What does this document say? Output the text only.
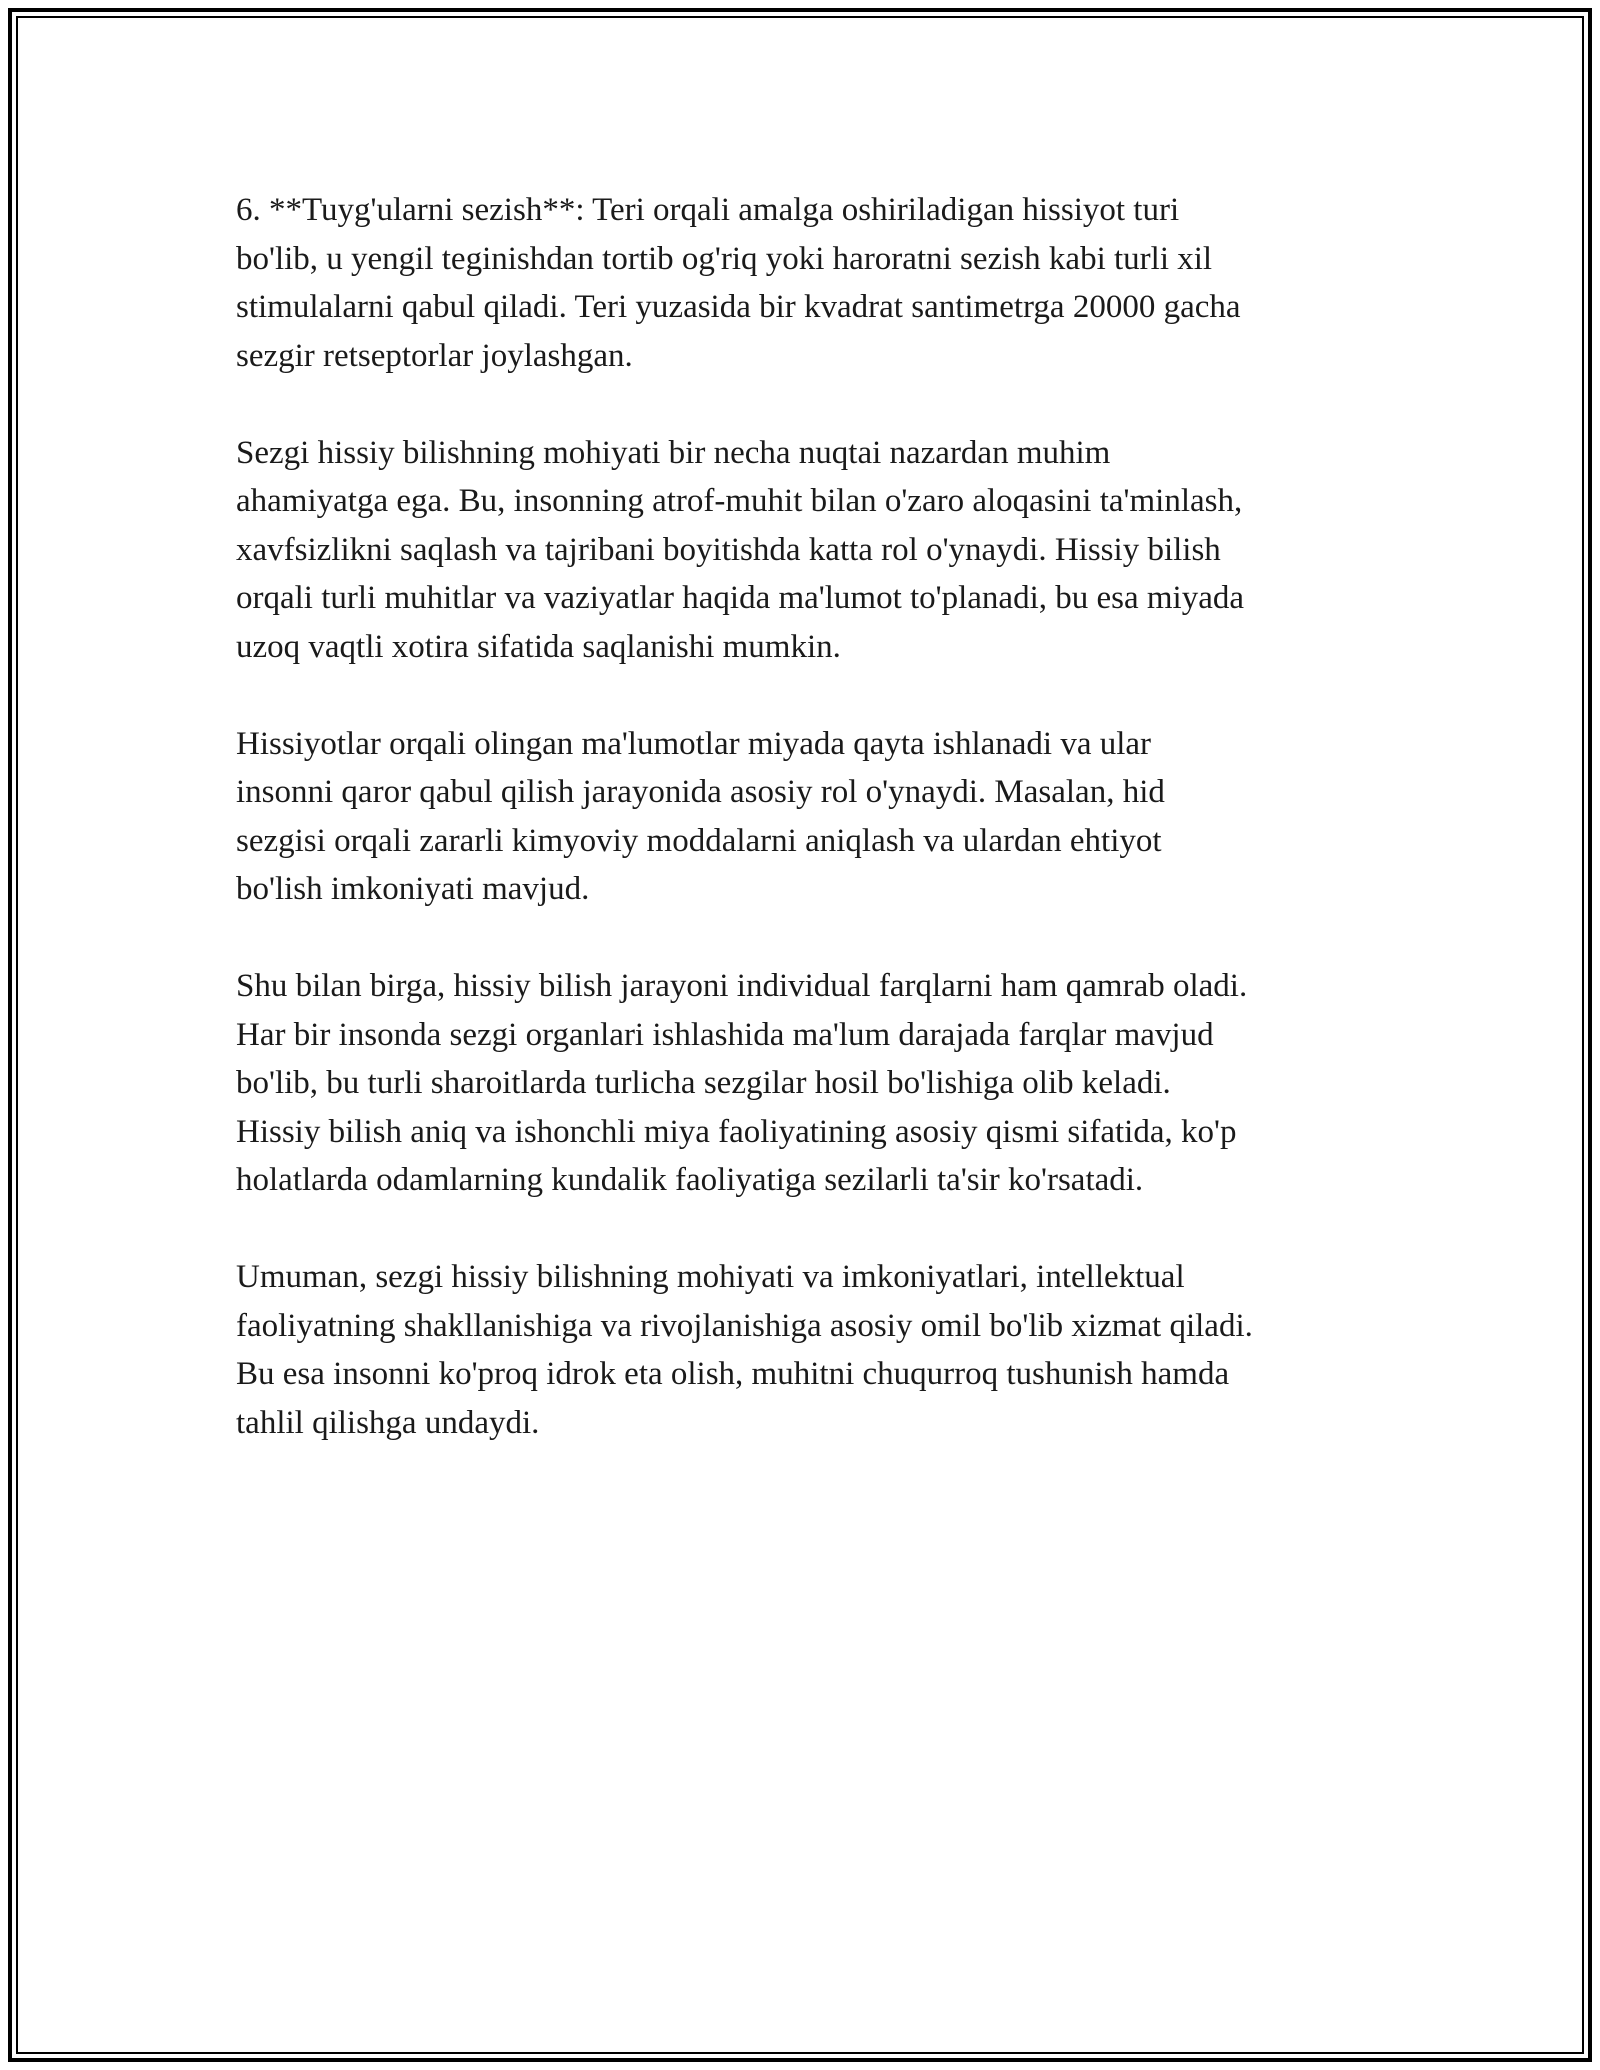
6. **Tuyg'ularni sezish**: Teri orqali amalga oshiriladigan hissiyot turi
bo'lib, u yengil teginishdan tortib og'riq yoki haroratni sezish kabi turli xil
stimulalarni qabul qiladi. Teri yuzasida bir kvadrat santimetrga 20000 gacha
sezgir retseptorlar joylashgan.

Sezgi hissiy bilishning mohiyati bir necha nuqtai nazardan muhim
ahamiyatga ega. Bu, insonning atrof-muhit bilan o'zaro aloqasini ta'minlash,
xavfsizlikni saqlash va tajribani boyitishda katta rol o'ynaydi. Hissiy bilish
orqali turli muhitlar va vaziyatlar haqida ma'lumot to'planadi, bu esa miyada
uzoq vaqtli xotira sifatida saqlanishi mumkin.

Hissiyotlar orqali olingan ma'lumotlar miyada qayta ishlanadi va ular
insonni qaror qabul qilish jarayonida asosiy rol o'ynaydi. Masalan, hid
sezgisi orqali zararli kimyoviy moddalarni aniqlash va ulardan ehtiyot
bo'lish imkoniyati mavjud.

Shu bilan birga, hissiy bilish jarayoni individual farqlarni ham qamrab oladi.
Har bir insonda sezgi organlari ishlashida ma'lum darajada farqlar mavjud
bo'lib, bu turli sharoitlarda turlicha sezgilar hosil bo'lishiga olib keladi.
Hissiy bilish aniq va ishonchli miya faoliyatining asosiy qismi sifatida, ko'p
holatlarda odamlarning kundalik faoliyatiga sezilarli ta'sir ko'rsatadi.

Umuman, sezgi hissiy bilishning mohiyati va imkoniyatlari, intellektual
faoliyatning shakllanishiga va rivojlanishiga asosiy omil bo'lib xizmat qiladi.
Bu esa insonni ko'proq idrok eta olish, muhitni chuqurroq tushunish hamda
tahlil qilishga undaydi.
